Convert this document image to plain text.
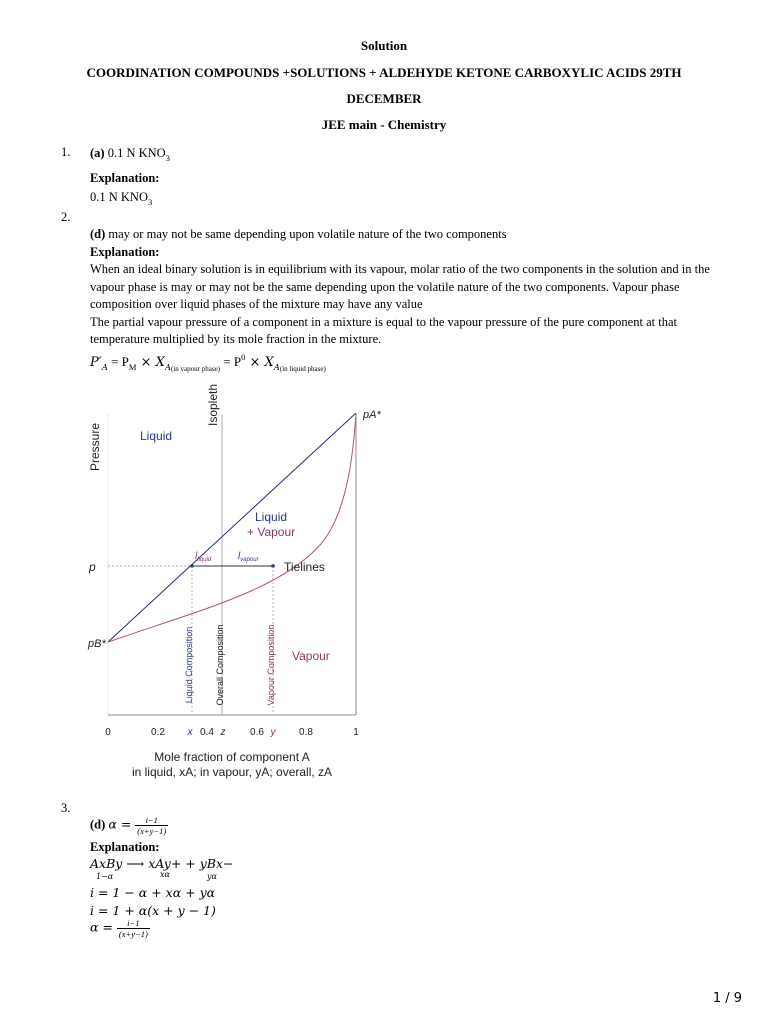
Solution
COORDINATION COMPOUNDS +SOLUTIONS + ALDEHYDE KETONE CARBOXYLIC ACIDS 29TH
DECEMBER
JEE main - Chemistry
1. (a) 0.1 N $KNO_3$
Explanation:
0.1 N $KNO_3$
2.
(d) may or may not be same depending upon volatile nature of the two components
Explanation:
When an ideal binary solution is in equilibrium with its vapour, molar ratio of the two components in the solution and in the vapour phase is may or may not be the same depending upon the volatile nature of the two components. Vapour phase composition over liquid phases of the mixture may have any value
The partial vapour pressure of a component in a mixture is equal to the vapour pressure of the pure component at that temperature multiplied by its mole fraction in the mixture.
$P'_A = P_M \times X_{A(in vapour phase)} = P^0 \times X_{A(in liquid phase)}$
Pressure
Isopleth
Liquid
Liquid
+ Vapour
Vapour
Tielines
p
pA*
pB*
$l_{liquid}$	$l_{vapour}$
Liquid Composition Overall Composition	Vapour Composition
0	0.2 x 0.4 z 0.6 y 0.8	1
Mole fraction of component A
in liquid, xA; in vapour, yA; overall, zA
3.
(d) $\alpha = \frac{i-1}{(x+y-1)}$
Explanation:
AxBy ⟶ xAy+ + yBx−
1−α	xα	yα
i = 1 − α + xα + yα
i = 1 + α(x + y − 1)
$\alpha = \frac{i-1}{(x+y-1)}$
1 / 9
